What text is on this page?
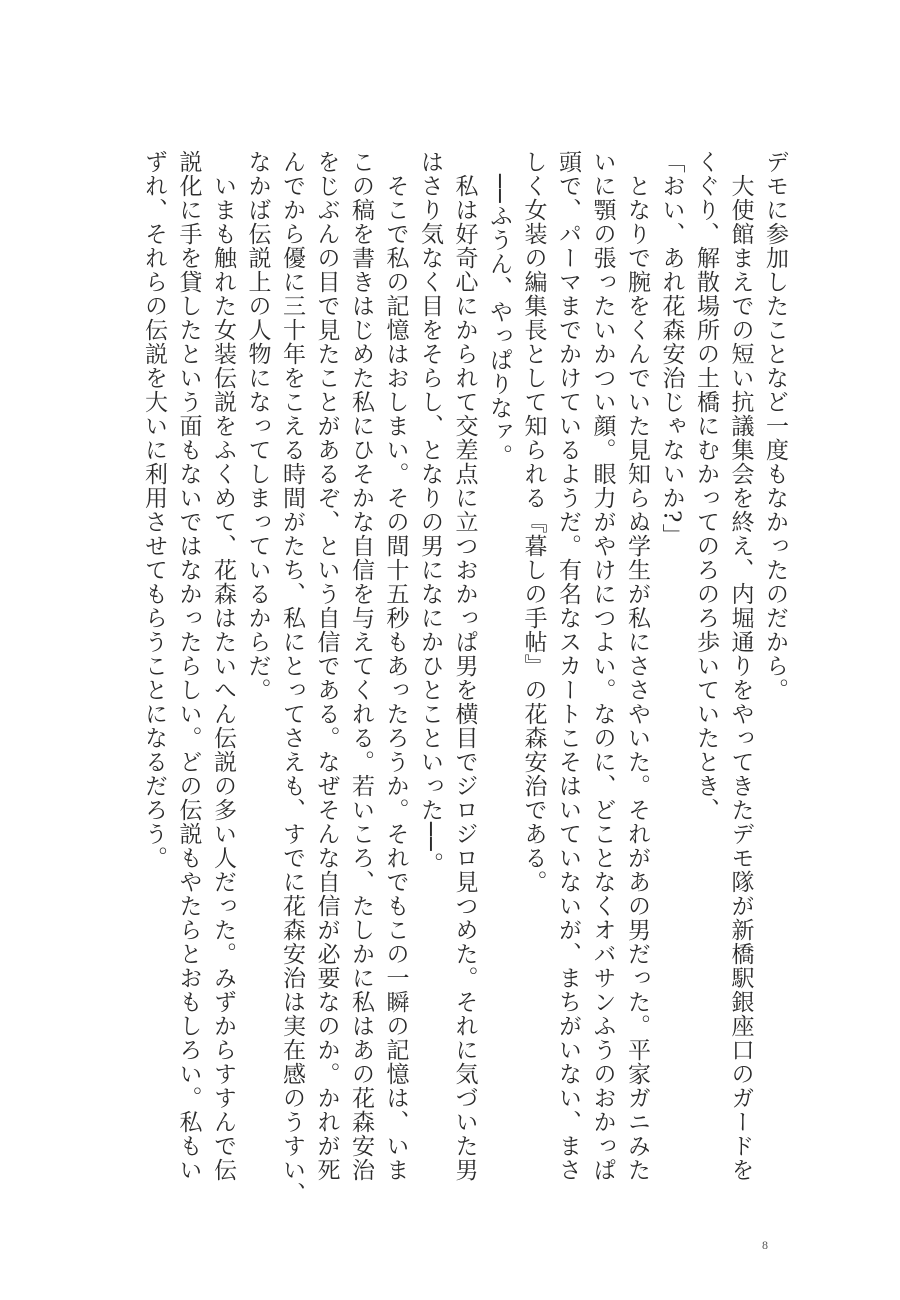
デモに参加したことなど一度もなかったのだから。
　大使館まえでの短い抗議集会を終え、内堀通りをやってきたデモ隊が新橋駅銀座口のガードを
くぐり、解散場所の土橋にむかってのろのろ歩いていたとき、
「おい、あれ花森安治じゃないか?」
　となりで腕をくんでいた見知らぬ学生が私にささやいた。それがあの男だった。平家ガニみた
いに顎の張ったいかつい顔。眼力がやけにつよい。なのに、どことなくオバサンふうのおかっぱ
頭で、パーマまでかけているようだ。有名なスカートこそはいていないが、まちがいない、まさ
しく女装の編集長として知られる『暮しの手帖』の花森安治である。
　──ふうん、やっぱりなァ。
　私は好奇心にかられて交差点に立つおかっぱ男を横目でジロジロ見つめた。それに気づいた男
はさり気なく目をそらし、となりの男になにかひとこといった──。
　そこで私の記憶はおしまい。その間十五秒もあったろうか。それでもこの一瞬の記憶は、いま
この稿を書きはじめた私にひそかな自信を与えてくれる。若いころ、たしかに私はあの花森安治
をじぶんの目で見たことがあるぞ、という自信である。なぜそんな自信が必要なのか。かれが死
んでから優に三十年をこえる時間がたち、私にとってさえも、すでに花森安治は実在感のうすい、
なかば伝説上の人物になってしまっているからだ。
　いまも触れた女装伝説をふくめて、花森はたいへん伝説の多い人だった。みずからすすんで伝
説化に手を貸したという面もないではなかったらしい。どの伝説もやたらとおもしろい。私もい
ずれ、それらの伝説を大いに利用させてもらうことになるだろう。
8
